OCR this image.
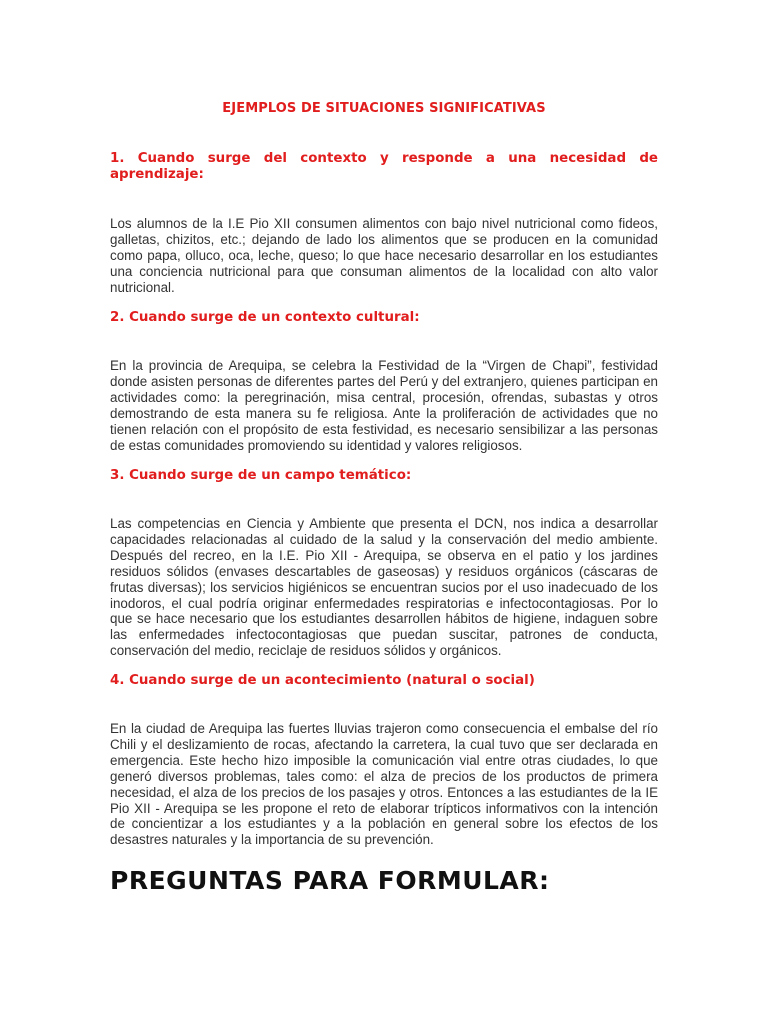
EJEMPLOS DE SITUACIONES SIGNIFICATIVAS
1. Cuando surge del contexto y responde a una necesidad de aprendizaje:

Los alumnos de la I.E Pio XII consumen alimentos con bajo nivel nutricional como fideos, galletas, chizitos, etc.; dejando de lado los alimentos que se producen en la comunidad como papa, olluco, oca, leche, queso; lo que hace necesario desarrollar en los estudiantes una conciencia nutricional para que consuman alimentos de la localidad con alto valor nutricional.

2. Cuando surge de un contexto cultural:

En la provincia de Arequipa, se celebra la Festividad de la “Virgen de Chapi”, festividad donde asisten personas de diferentes partes del Perú y del extranjero, quienes participan en actividades como: la peregrinación, misa central, procesión, ofrendas, subastas y otros demostrando de esta manera su fe religiosa. Ante la proliferación de actividades que no tienen relación con el propósito de esta festividad, es necesario sensibilizar a las personas de estas comunidades promoviendo su identidad y valores religiosos.

3. Cuando surge de un campo temático:

Las competencias en Ciencia y Ambiente que presenta el DCN, nos indica a desarrollar capacidades relacionadas al cuidado de la salud y la conservación del medio ambiente. Después del recreo, en la I.E. Pio XII - Arequipa, se observa en el patio y los jardines residuos sólidos (envases descartables de gaseosas) y residuos orgánicos (cáscaras de frutas diversas); los servicios higiénicos se encuentran sucios por el uso inadecuado de los inodoros, el cual podría originar enfermedades respiratorias e infectocontagiosas. Por lo que se hace necesario que los estudiantes desarrollen hábitos de higiene, indaguen sobre las enfermedades infectocontagiosas que puedan suscitar, patrones de conducta, conservación del medio, reciclaje de residuos sólidos y orgánicos.

4. Cuando surge de un acontecimiento (natural o social)

En la ciudad de Arequipa las fuertes lluvias trajeron como consecuencia el embalse del río Chili y el deslizamiento de rocas, afectando la carretera, la cual tuvo que ser declarada en emergencia. Este hecho hizo imposible la comunicación vial entre otras ciudades, lo que generó diversos problemas, tales como: el alza de precios de los productos de primera necesidad, el alza de los precios de los pasajes y otros. Entonces a las estudiantes de la IE Pio XII - Arequipa se les propone el reto de elaborar trípticos informativos con la intención de concientizar a los estudiantes y a la población en general sobre los efectos de los desastres naturales y la importancia de su prevención.

PREGUNTAS PARA FORMULAR:
